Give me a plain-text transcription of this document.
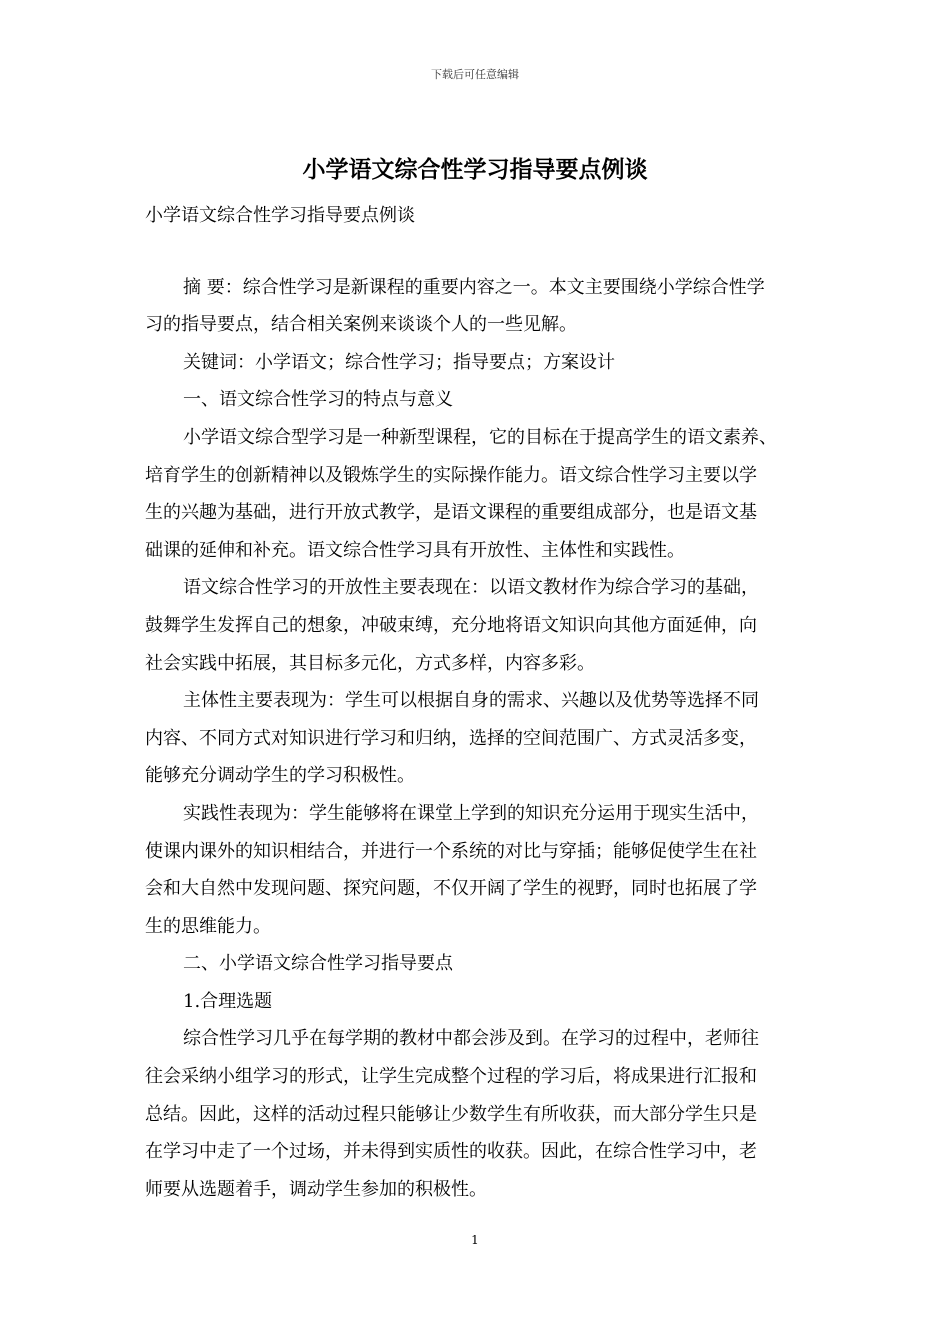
下载后可任意编辑
小学语文综合性学习指导要点例谈

小学语文综合性学习指导要点例谈

摘 要：综合性学习是新课程的重要内容之一。本文主要围绕小学综合性学

习的指导要点，结合相关案例来谈谈个人的一些见解。

关键词：小学语文；综合性学习；指导要点；方案设计

一、语文综合性学习的特点与意义

小学语文综合型学习是一种新型课程，它的目标在于提高学生的语文素养、

培育学生的创新精神以及锻炼学生的实际操作能力。语文综合性学习主要以学

生的兴趣为基础，进行开放式教学，是语文课程的重要组成部分，也是语文基

础课的延伸和补充。语文综合性学习具有开放性、主体性和实践性。

语文综合性学习的开放性主要表现在：以语文教材作为综合学习的基础，

鼓舞学生发挥自己的想象，冲破束缚，充分地将语文知识向其他方面延伸，向

社会实践中拓展，其目标多元化，方式多样，内容多彩。

主体性主要表现为：学生可以根据自身的需求、兴趣以及优势等选择不同

内容、不同方式对知识进行学习和归纳，选择的空间范围广、方式灵活多变，

能够充分调动学生的学习积极性。

实践性表现为：学生能够将在课堂上学到的知识充分运用于现实生活中，

使课内课外的知识相结合，并进行一个系统的对比与穿插；能够促使学生在社

会和大自然中发现问题、探究问题，不仅开阔了学生的视野，同时也拓展了学

生的思维能力。

二、小学语文综合性学习指导要点

1.合理选题

综合性学习几乎在每学期的教材中都会涉及到。在学习的过程中，老师往

往会采纳小组学习的形式，让学生完成整个过程的学习后，将成果进行汇报和

总结。因此，这样的活动过程只能够让少数学生有所收获，而大部分学生只是

在学习中走了一个过场，并未得到实质性的收获。因此，在综合性学习中，老

师要从选题着手，调动学生参加的积极性。

1
